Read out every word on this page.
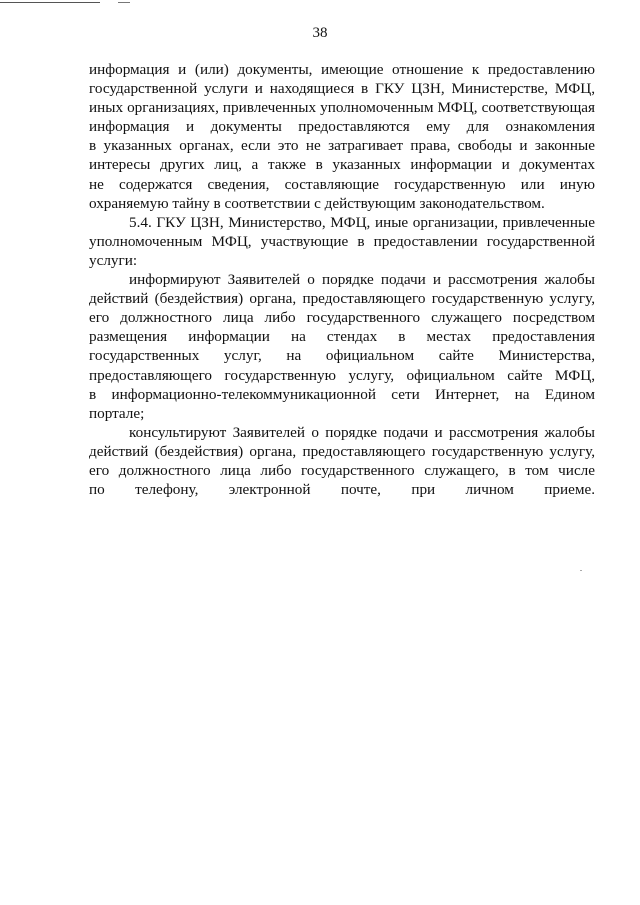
38
информация и (или) документы, имеющие отношение к предоставлению
государственной услуги и находящиеся в ГКУ ЦЗН, Министерстве, МФЦ,
иных организациях, привлеченных уполномоченным МФЦ, соответствующая
информация и документы предоставляются ему для ознакомления
в указанных органах, если это не затрагивает права, свободы и законные
интересы других лиц, а также в указанных информации и документах
не содержатся сведения, составляющие государственную или иную
охраняемую тайну в соответствии с действующим законодательством.
5.4. ГКУ ЦЗН, Министерство, МФЦ, иные организации, привлеченные
уполномоченным МФЦ, участвующие в предоставлении государственной
услуги:
информируют Заявителей о порядке подачи и рассмотрения жалобы
действий (бездействия) органа, предоставляющего государственную услугу,
его должностного лица либо государственного служащего посредством
размещения информации на стендах в местах предоставления
государственных услуг, на официальном сайте Министерства,
предоставляющего государственную услугу, официальном сайте МФЦ,
в информационно-телекоммуникационной сети Интернет, на Едином
портале;
консультируют Заявителей о порядке подачи и рассмотрения жалобы
действий (бездействия) органа, предоставляющего государственную услугу,
его должностного лица либо государственного служащего, в том числе
по телефону, электронной почте, при личном приеме.
